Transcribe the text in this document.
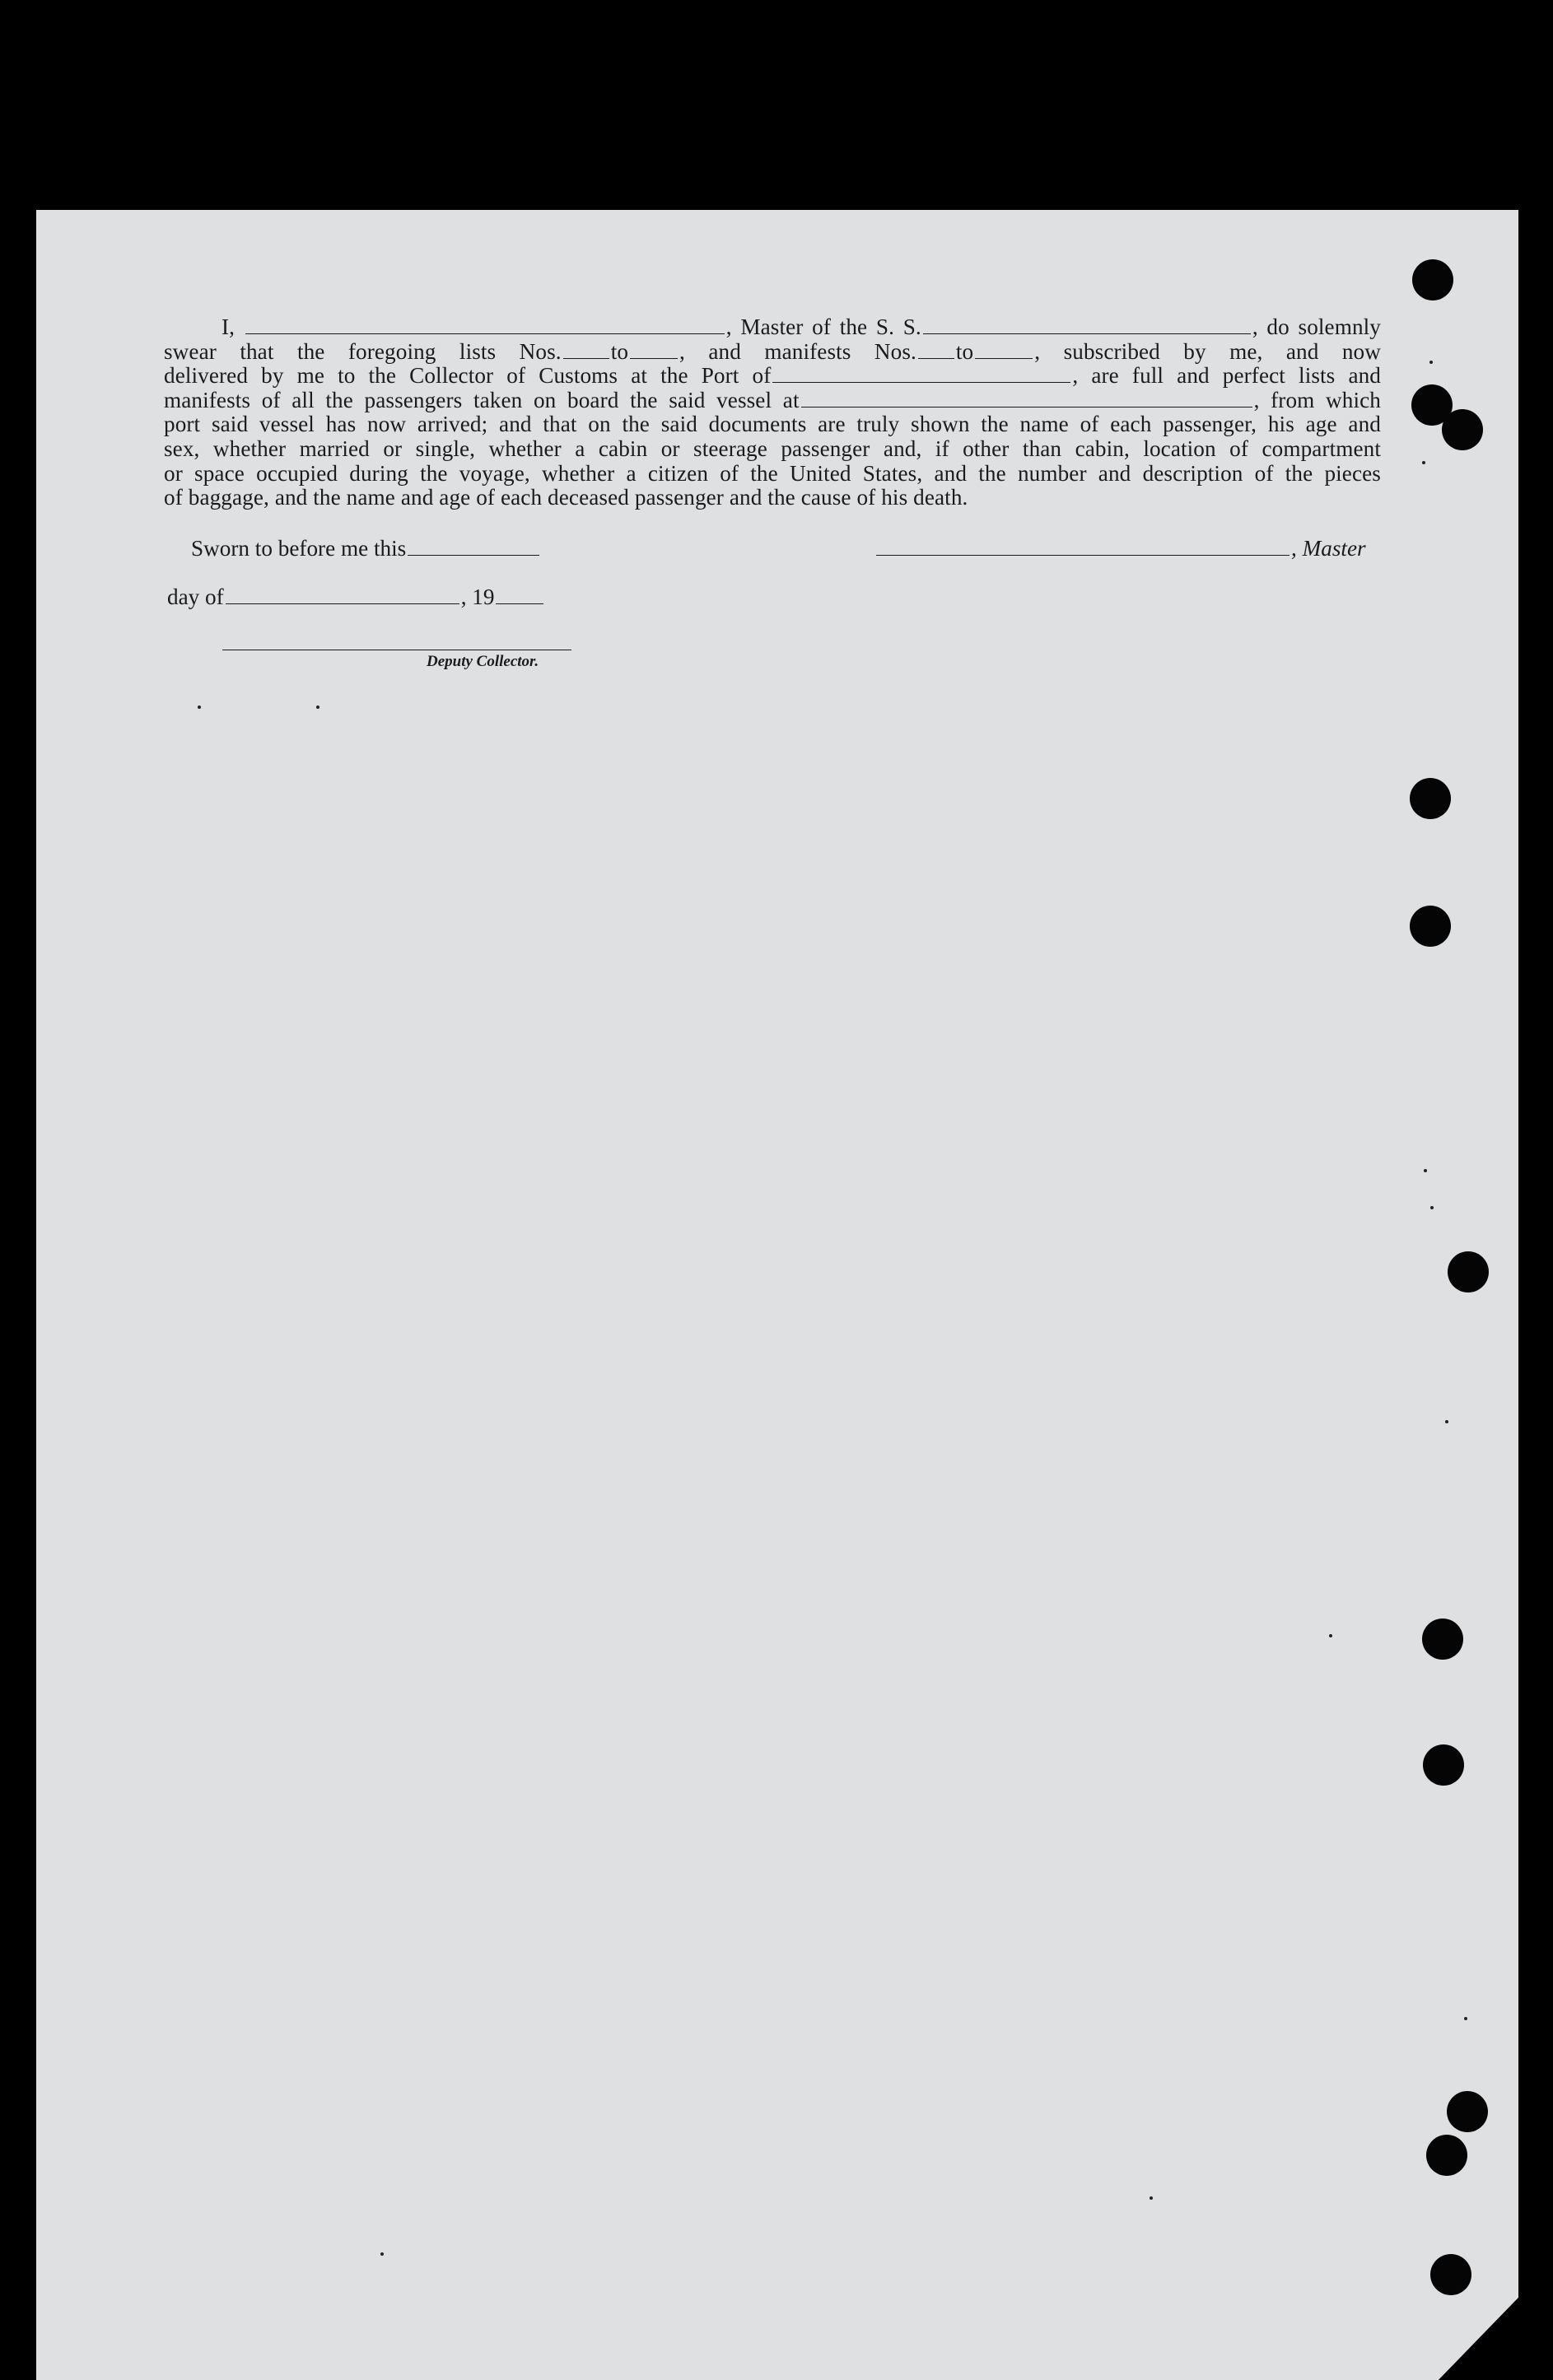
I,	, Master of the S. S.	, do solemnly
swear that the foregoing lists Nos. to , and manifests Nos. to	, subscribed by me, and now
delivered by me to the Collector of Customs at the Port of	, are full and perfect lists and
manifests of all the passengers taken on board the said vessel at	, from which
port said vessel has now arrived; and that on the said documents are truly shown the name of each passenger, his age and
sex, whether married or single, whether a cabin or steerage passenger and, if other than cabin, location of compartment
or space occupied during the voyage, whether a citizen of the United States, and the number and description of the pieces
of baggage, and the name and age of each deceased passenger and the cause of his death.
Sworn to before me this	, Master
day of	, 19
Deputy Collector.
